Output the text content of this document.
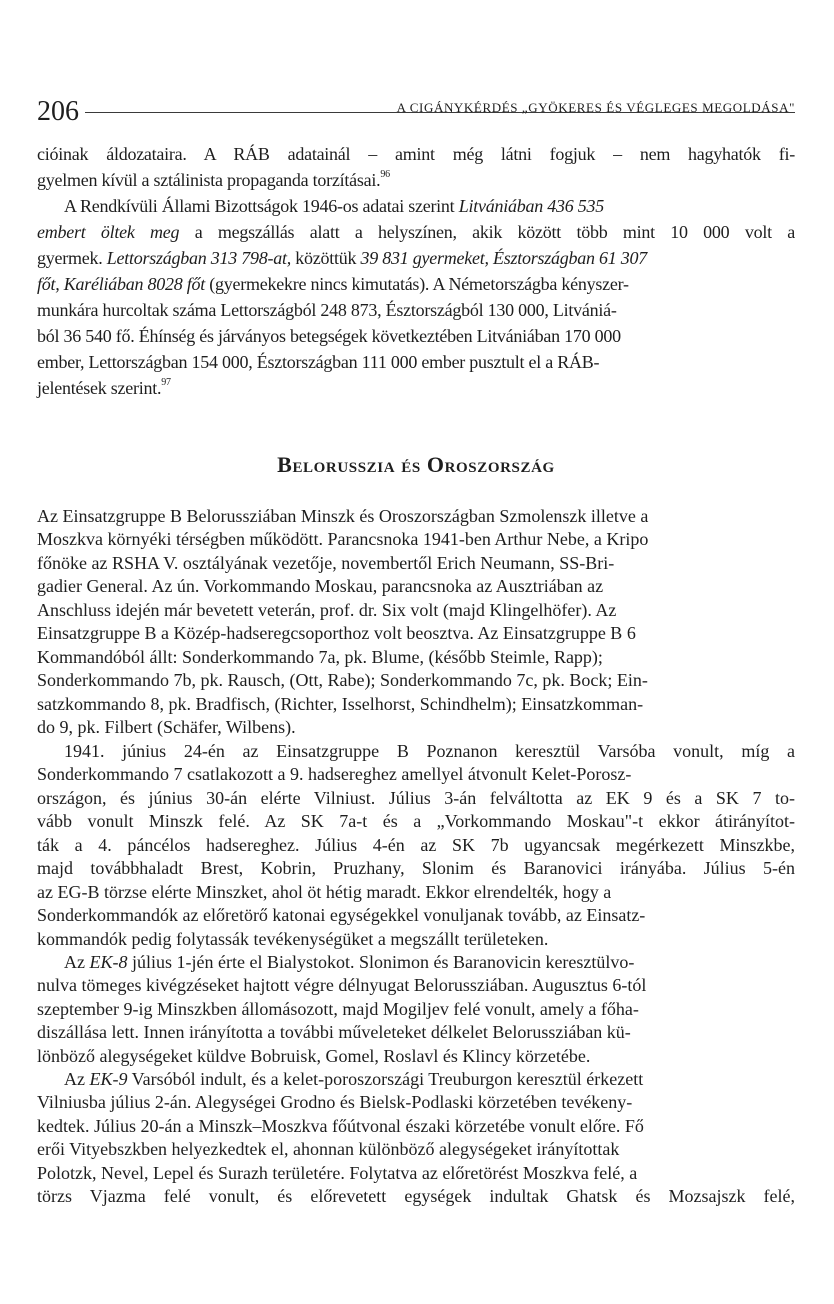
206	A CIGÁNYKÉRDÉS „GYÖKERES ÉS VÉGLEGES MEGOLDÁSA"
cióinak áldozataira. A RÁB adatainál – amint még látni fogjuk – nem hagyhatók fi-
gyelmen kívül a sztálinista propaganda torzításai.$^{96}$
A Rendkívüli Állami Bizottságok 1946-os adatai szerint Litvániában 436 535
embert öltek meg a megszállás alatt a helyszínen, akik között több mint 10 000 volt a
gyermek. Lettországban 313 798-at, közöttük 39 831 gyermeket, Észtországban 61 307
főt, Karéliában 8028 főt (gyermekekre nincs kimutatás). A Németországba kényszer-
munkára hurcoltak száma Lettországból 248 873, Észtországból 130 000, Litvániá-
ból 36 540 fő. Éhínség és járványos betegségek következtében Litvániában 170 000
ember, Lettországban 154 000, Észtországban 111 000 ember pusztult el a RÁB-
jelentések szerint.$^{97}$
Belorusszia és Oroszország
Az Einsatzgruppe B Belorussziában Minszk és Oroszországban Szmolenszk illetve a
Moszkva környéki térségben működött. Parancsnoka 1941-ben Arthur Nebe, a Kripo
főnöke az RSHA V. osztályának vezetője, novembertől Erich Neumann, SS-Bri-
gadier General. Az ún. Vorkommando Moskau, parancsnoka az Ausztriában az
Anschluss idején már bevetett veterán, prof. dr. Six volt (majd Klingelhöfer). Az
Einsatzgruppe B a Közép-hadseregcsoporthoz volt beosztva. Az Einsatzgruppe B 6
Kommandóból állt: Sonderkommando 7a, pk. Blume, (később Steimle, Rapp);
Sonderkommando 7b, pk. Rausch, (Ott, Rabe); Sonderkommando 7c, pk. Bock; Ein-
satzkommando 8, pk. Bradfisch, (Richter, Isselhorst, Schindhelm); Einsatzkomman-
do 9, pk. Filbert (Schäfer, Wilbens).
1941. június 24-én az Einsatzgruppe B Poznanon keresztül Varsóba vonult, míg a
Sonderkommando 7 csatlakozott a 9. hadsereghez amellyel átvonult Kelet-Porosz-
országon, és június 30-án elérte Vilniust. Július 3-án felváltotta az EK 9 és a SK 7 to-
vább vonult Minszk felé. Az SK 7a-t és a „Vorkommando Moskau"-t ekkor átirányítot-
ták a 4. páncélos hadsereghez. Július 4-én az SK 7b ugyancsak megérkezett Minszkbe,
majd továbbhaladt Brest, Kobrin, Pruzhany, Slonim és Baranovici irányába. Július 5-én
az EG-B törzse elérte Minszket, ahol öt hétig maradt. Ekkor elrendelték, hogy a
Sonderkommandók az előretörő katonai egységekkel vonuljanak tovább, az Einsatz-
kommandók pedig folytassák tevékenységüket a megszállt területeken.
Az EK-8 július 1-jén érte el Bialystokot. Slonimon és Baranovicin keresztülvo-
nulva tömeges kivégzéseket hajtott végre délnyugat Belorussziában. Augusztus 6-tól
szeptember 9-ig Minszkben állomásozott, majd Mogiljev felé vonult, amely a főha-
diszállása lett. Innen irányította a további műveleteket délkelet Belorussziában kü-
lönböző alegységeket küldve Bobruisk, Gomel, Roslavl és Klincy körzetébe.
Az EK-9 Varsóból indult, és a kelet-poroszországi Treuburgon keresztül érkezett
Vilniusba július 2-án. Alegységei Grodno és Bielsk-Podlaski körzetében tevékeny-
kedtek. Július 20-án a Minszk–Moszkva főútvonal északi körzetébe vonult előre. Fő
erői Vityebszkben helyezkedtek el, ahonnan különböző alegységeket irányítottak
Polotzk, Nevel, Lepel és Surazh területére. Folytatva az előretörést Moszkva felé, a
törzs Vjazma felé vonult, és előrevetett egységek indultak Ghatsk és Mozsajszk felé,
